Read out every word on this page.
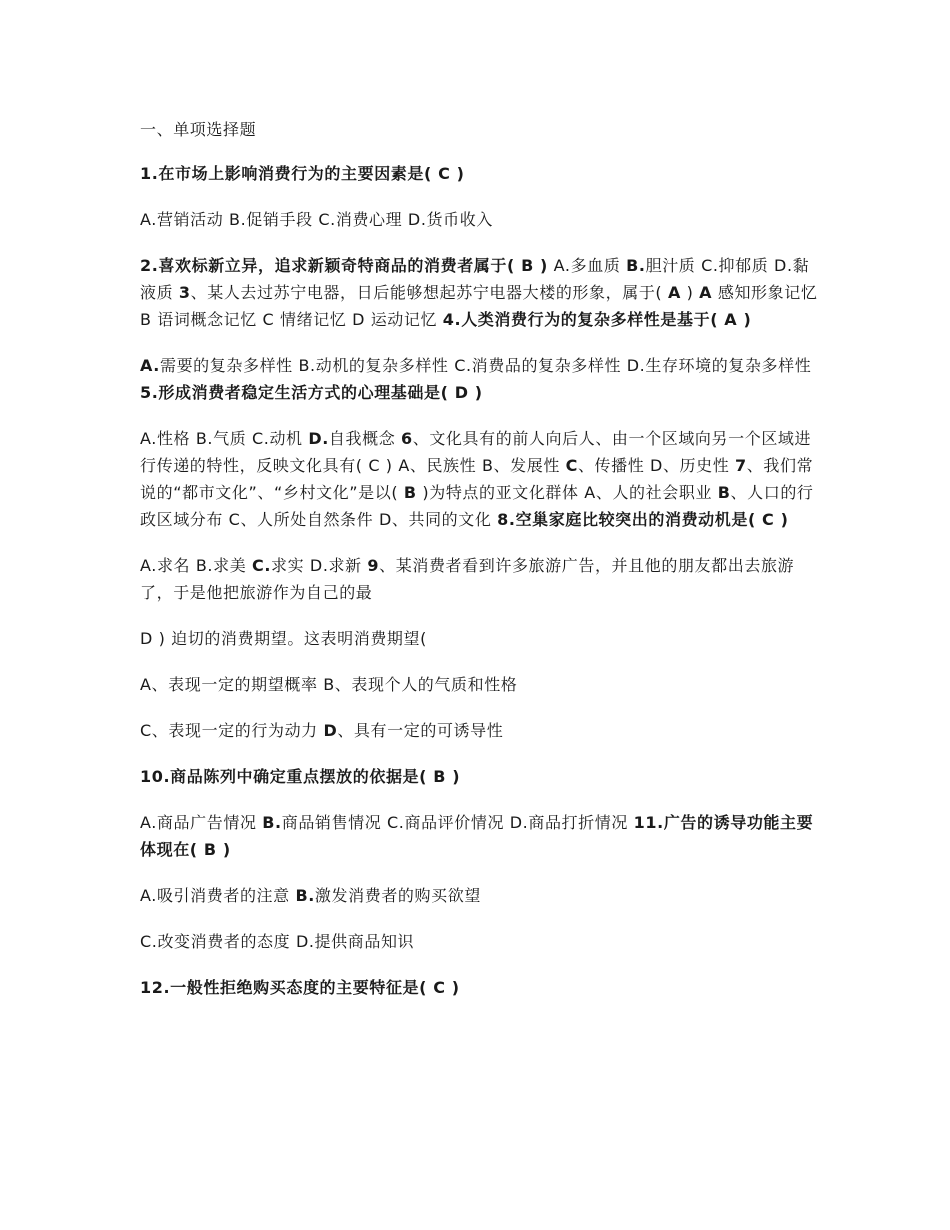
一、单项选择题

1.在市场上影响消费行为的主要因素是( C )

A.营销活动 B.促销手段 C.消费心理 D.货币收入

2.喜欢标新立异，追求新颖奇特商品的消费者属于( B ) A.多血质 B.胆汁质 C.抑郁质 D.黏液质 3、某人去过苏宁电器，日后能够想起苏宁电器大楼的形象，属于( A ) A 感知形象记忆 B 语词概念记忆 C 情绪记忆 D 运动记忆 4.人类消费行为的复杂多样性是基于( A )

A.需要的复杂多样性 B.动机的复杂多样性 C.消费品的复杂多样性 D.生存环境的复杂多样性 5.形成消费者稳定生活方式的心理基础是( D )

A.性格 B.气质 C.动机 D.自我概念 6、文化具有的前人向后人、由一个区域向另一个区域进行传递的特性，反映文化具有( C ) A、民族性 B、发展性 C、传播性 D、历史性 7、我们常说的“都市文化”、“乡村文化”是以( B )为特点的亚文化群体 A、人的社会职业 B、人口的行政区域分布 C、人所处自然条件 D、共同的文化 8.空巢家庭比较突出的消费动机是( C )

A.求名 B.求美 C.求实 D.求新 9、某消费者看到许多旅游广告，并且他的朋友都出去旅游了，于是他把旅游作为自己的最

D ) 迫切的消费期望。这表明消费期望(

A、表现一定的期望概率 B、表现个人的气质和性格

C、表现一定的行为动力 D、具有一定的可诱导性

10.商品陈列中确定重点摆放的依据是( B )

A.商品广告情况 B.商品销售情况 C.商品评价情况 D.商品打折情况 11.广告的诱导功能主要体现在( B )

A.吸引消费者的注意 B.激发消费者的购买欲望

C.改变消费者的态度 D.提供商品知识

12.一般性拒绝购买态度的主要特征是( C )
